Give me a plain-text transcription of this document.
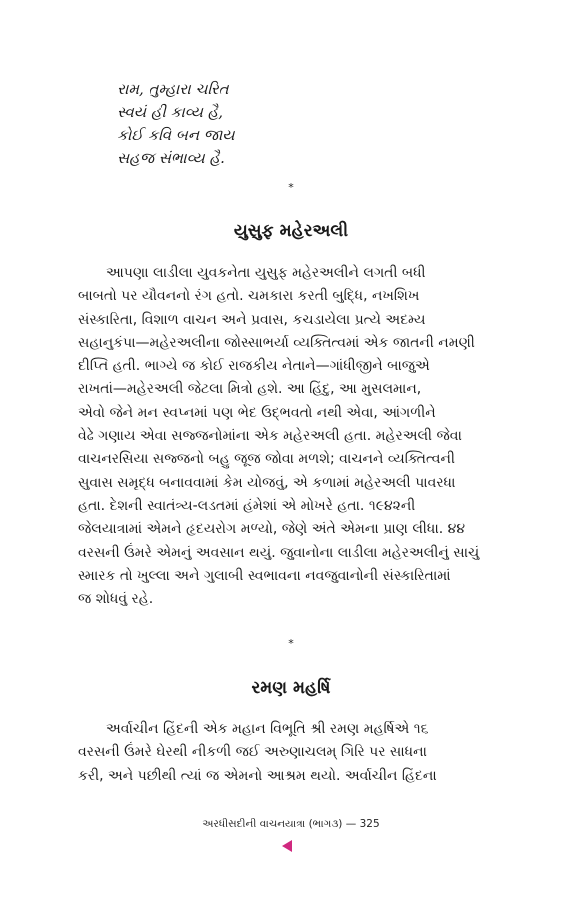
રામ, તુમ્હારા ચરિત
સ્વયં હી કાવ્ય હૈ,
કોઈ કવિ બન જાય
સહજ સંભાવ્ય હૈ.
*
યુસુફ મહેરઅલી
આપણા લાડીલા યુવકનેતા યુસુફ મહેરઅલીને લગતી બધી
બાબતો પર યૌવનનો રંગ હતો. ચમકારા કરતી બુદ્ધિ, નખશિખ
સંસ્કારિતા, વિશાળ વાચન અને પ્રવાસ, કચડાયેલા પ્રત્યે અદમ્ય
સહાનુકંપા—મહેરઅલીના જોસ્સાભર્યા વ્યક્તિત્વમાં એક જાતની નમણી
દીપ્તિ હતી. ભાગ્યે જ કોઈ રાજકીય નેતાને—ગાંધીજીને બાજુએ
રાખતાં—મહેરઅલી જેટલા મિત્રો હશે. આ હિંદુ, આ મુસલમાન,
એવો જેને મન સ્વપ્નમાં પણ ભેદ ઉદ્ભવતો નથી એવા, આંગળીને
વેઢે ગણાય એવા સજ્જનોમાંના એક મહેરઅલી હતા. મહેરઅલી જેવા
વાચનરસિયા સજ્જનો બહુ જૂજ જોવા મળશે; વાચનને વ્યક્તિત્વની
સુવાસ સમૃદ્ધ બનાવવામાં કેમ યોજવું, એ કળામાં મહેરઅલી પાવરધા
હતા. દેશની સ્વાતંત્ર્ય-લડતમાં હંમેશાં એ મોખરે હતા. ૧૯૪૨ની
જેલયાત્રામાં એમને હૃદયરોગ મળ્યો, જેણે અંતે એમના પ્રાણ લીધા. ૪૪
વરસની ઉંમરે એમનું અવસાન થયું. જુવાનોના લાડીલા મહેરઅલીનું સાચું
સ્મારક તો ખુલ્લા અને ગુલાબી સ્વભાવના નવજુવાનોની સંસ્કારિતામાં
જ શોધવું રહે.
*
રમણ મહર્ષિ
અર્વાચીન હિંદની એક મહાન વિભૂતિ શ્રી રમણ મહર્ષિએ ૧૬
વરસની ઉંમરે ઘેરથી નીકળી જઈ અરુણાચલમ્ ગિરિ પર સાધના
કરી, અને પછીથી ત્યાં જ એમનો આશ્રમ થયો. અર્વાચીન હિંદના
અરધીસદીની વાચનયાત્રા (ભાગ૩) — 325
